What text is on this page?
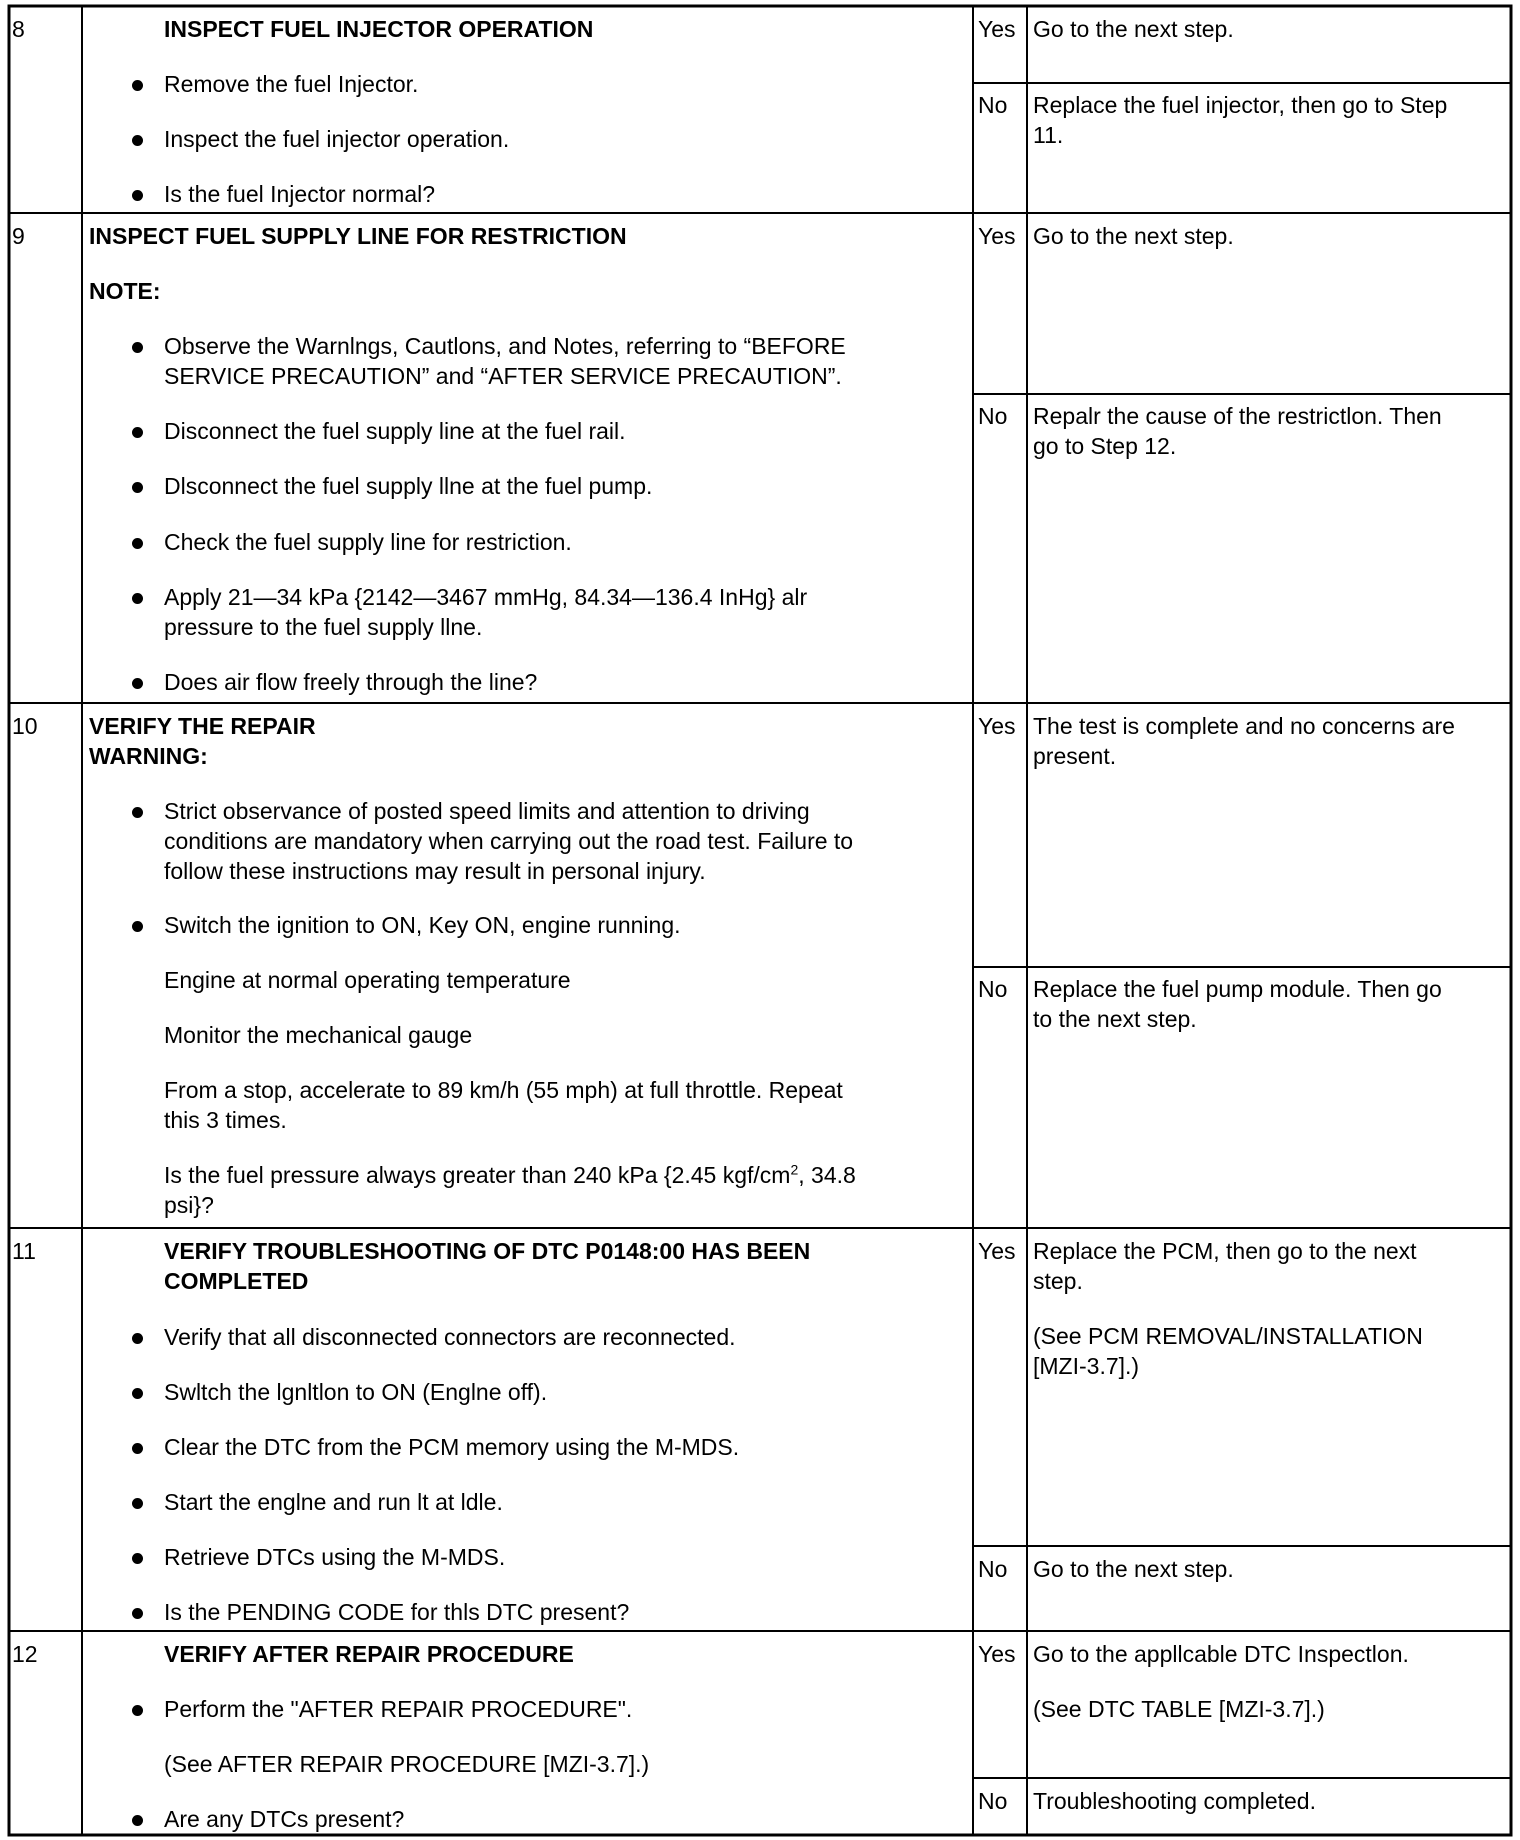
8	INSPECT FUEL INJECTOR OPERATION
Remove the fuel Injector.
Inspect the fuel injector operation.
Is the fuel Injector normal?
Yes Go to the next step.
No Replace the fuel injector, then go to Step
11.
9	INSPECT FUEL SUPPLY LINE FOR RESTRICTION
NOTE:
Observe the Warnlngs, Cautlons, and Notes, referring to “BEFORE
SERVICE PRECAUTION” and “AFTER SERVICE PRECAUTION”.
Disconnect the fuel supply line at the fuel rail.
Dlsconnect the fuel supply llne at the fuel pump.
Check the fuel supply line for restriction.
Apply 21—34 kPa {2142—3467 mmHg, 84.34—136.4 InHg} alr
pressure to the fuel supply llne.
Does air flow freely through the line?
Yes Go to the next step.
No Repalr the cause of the restrictlon. Then
go to Step 12.
10 VERIFY THE REPAIR
WARNING:
Strict observance of posted speed limits and attention to driving
conditions are mandatory when carrying out the road test. Failure to
follow these instructions may result in personal injury.
Switch the ignition to ON, Key ON, engine running.
Engine at normal operating temperature
Monitor the mechanical gauge
From a stop, accelerate to 89 km/h (55 mph) at full throttle. Repeat
this 3 times.
Is the fuel pressure always greater than 240 kPa {2.45 kgf/$cm^2$, 34.8
psi}?
Yes The test is complete and no concerns are
present.
No Replace the fuel pump module. Then go
to the next step.
11	VERIFY TROUBLESHOOTING OF DTC P0148:00 HAS BEEN
COMPLETED
Verify that all disconnected connectors are reconnected.
Swltch the lgnltlon to ON (Englne off).
Clear the DTC from the PCM memory using the M-MDS.
Start the englne and run lt at ldle.
Retrieve DTCs using the M-MDS.
Is the PENDING CODE for thls DTC present?
Yes Replace the PCM, then go to the next
step.
(See PCM REMOVAL/INSTALLATION
[MZI-3.7].)
No Go to the next step.
12	VERIFY AFTER REPAIR PROCEDURE
Perform the "AFTER REPAIR PROCEDURE".
(See AFTER REPAIR PROCEDURE [MZI-3.7].)
Are any DTCs present?
Yes Go to the appllcable DTC Inspectlon.
(See DTC TABLE [MZI-3.7].)
No Troubleshooting completed.
